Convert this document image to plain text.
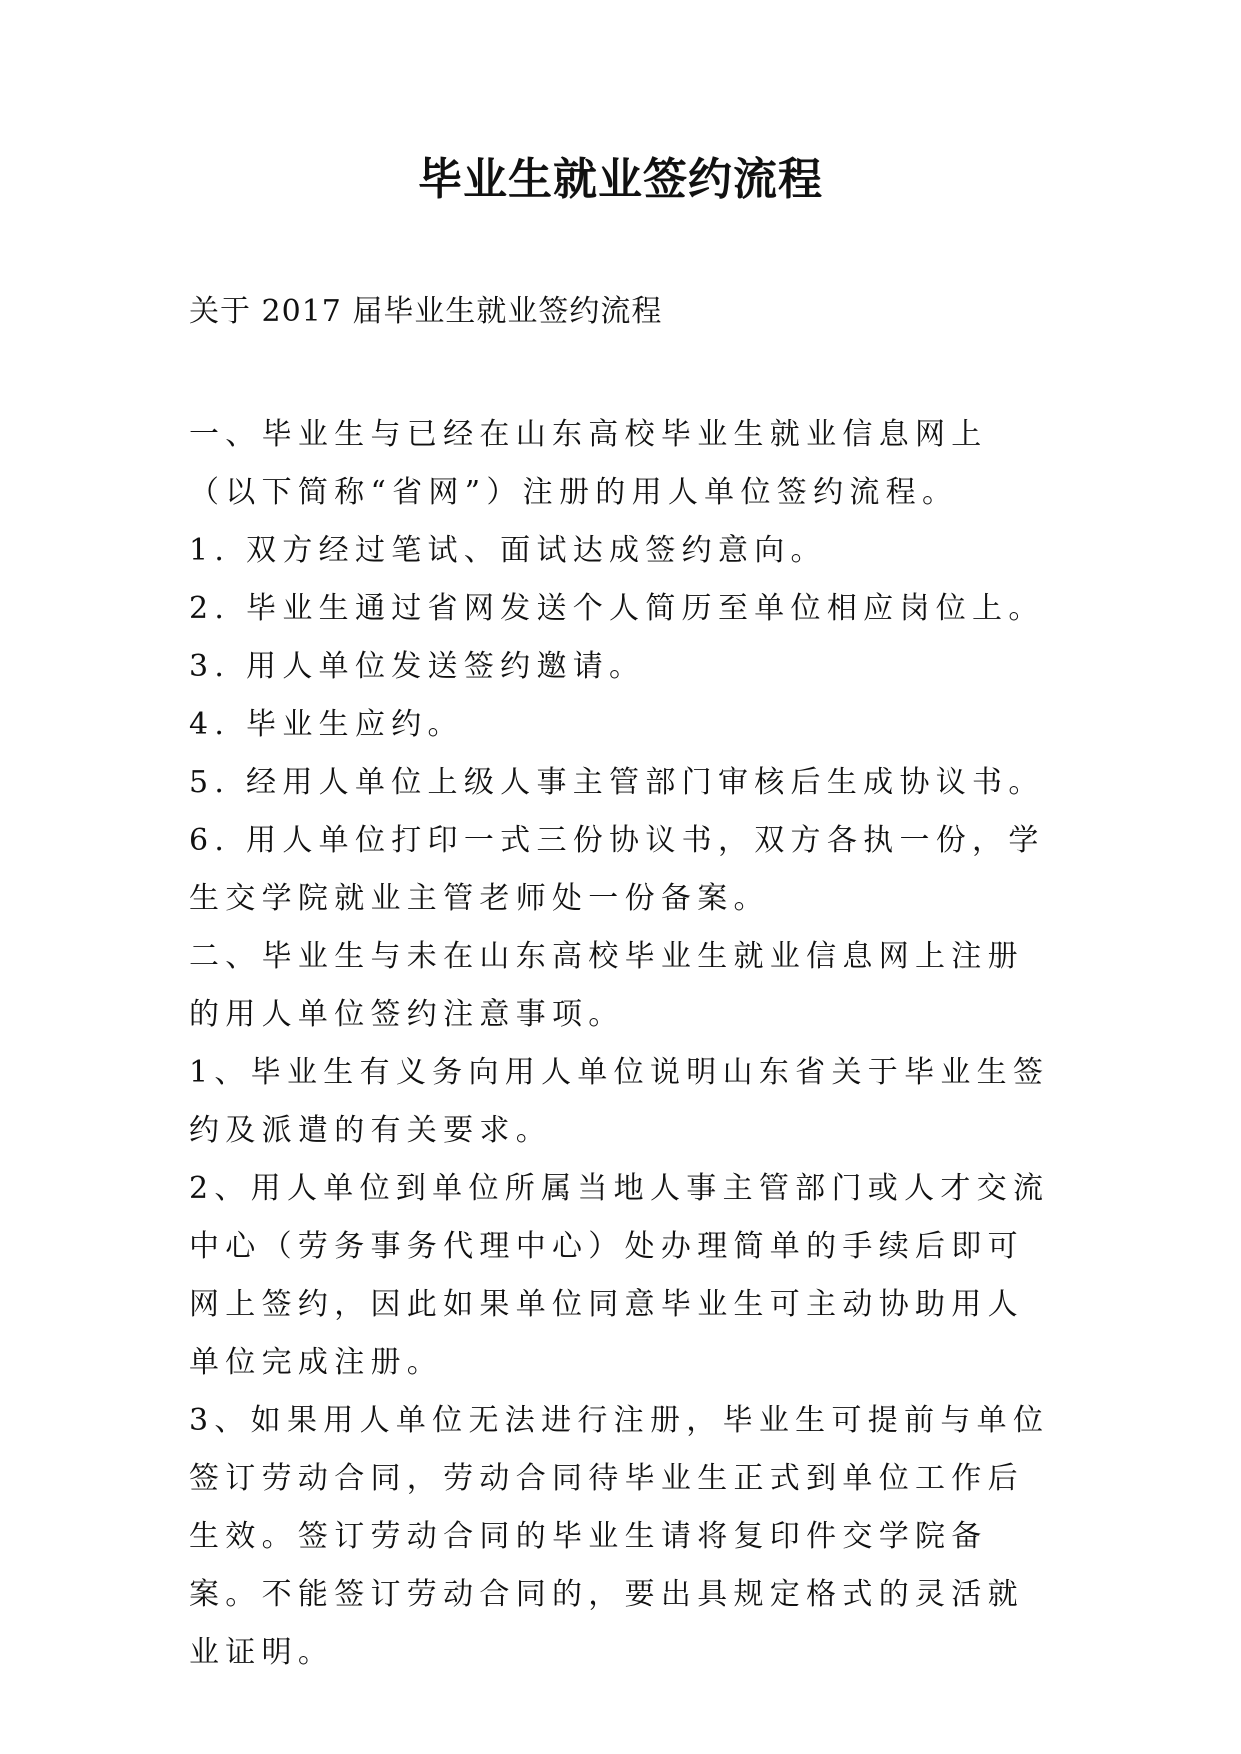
毕业生就业签约流程

关于 2017 届毕业生就业签约流程

一、毕业生与已经在山东高校毕业生就业信息网上（以下简称“省网”）注册的用人单位签约流程。

1. 双方经过笔试、面试达成签约意向。

2. 毕业生通过省网发送个人简历至单位相应岗位上。

3. 用人单位发送签约邀请。

4. 毕业生应约。

5. 经用人单位上级人事主管部门审核后生成协议书。

6. 用人单位打印一式三份协议书，双方各执一份，学生交学院就业主管老师处一份备案。

二、毕业生与未在山东高校毕业生就业信息网上注册的用人单位签约注意事项。

1、毕业生有义务向用人单位说明山东省关于毕业生签约及派遣的有关要求。

2、用人单位到单位所属当地人事主管部门或人才交流中心（劳务事务代理中心）处办理简单的手续后即可网上签约，因此如果单位同意毕业生可主动协助用人单位完成注册。

3、如果用人单位无法进行注册，毕业生可提前与单位签订劳动合同，劳动合同待毕业生正式到单位工作后生效。签订劳动合同的毕业生请将复印件交学院备案。不能签订劳动合同的，要出具规定格式的灵活就业证明。
